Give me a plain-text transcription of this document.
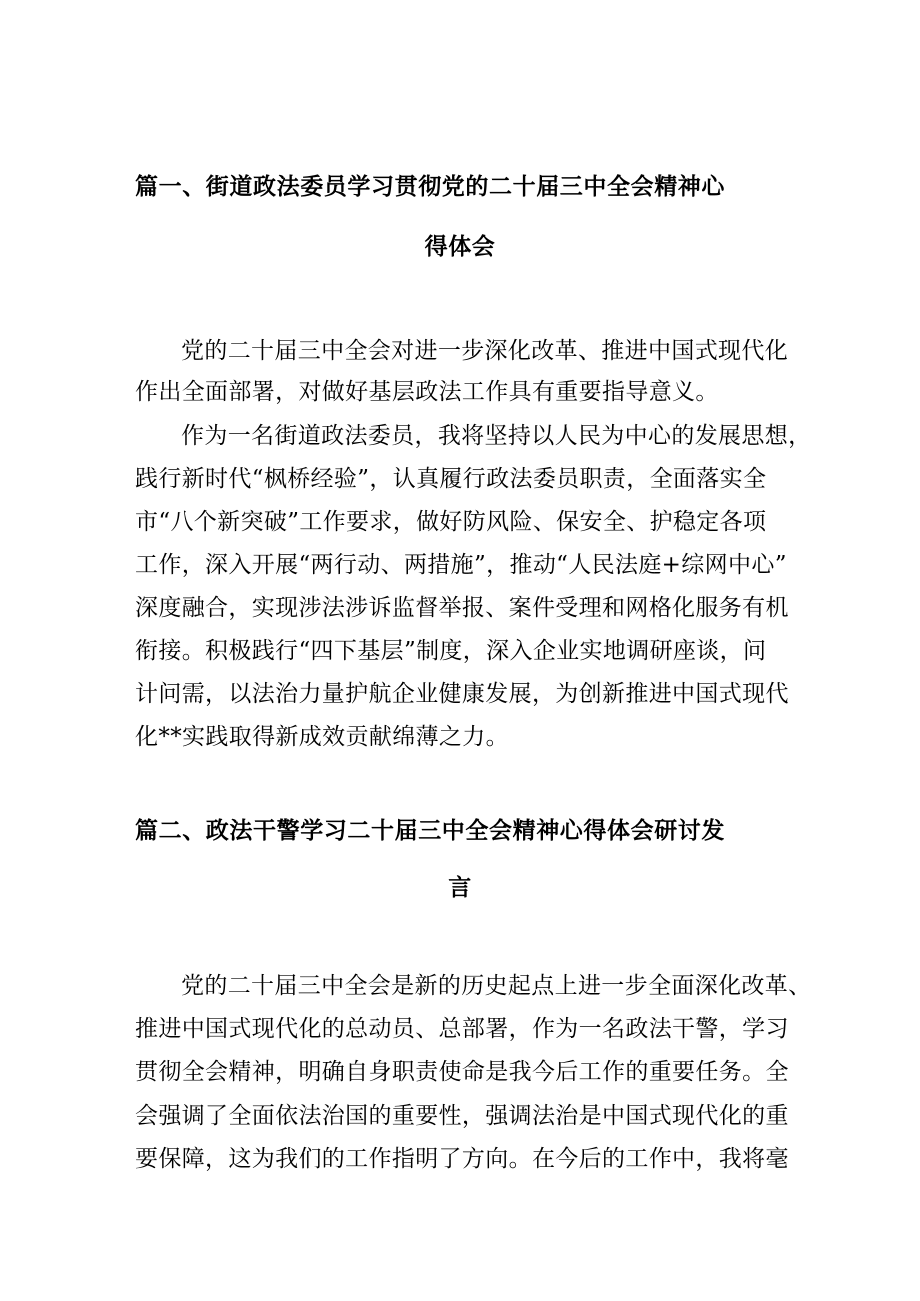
篇一、街道政法委员学习贯彻党的二十届三中全会精神心
得体会
党的二十届三中全会对进一步深化改革、推进中国式现代化
作出全面部署，对做好基层政法工作具有重要指导意义。
作为一名街道政法委员，我将坚持以人民为中心的发展思想，
践行新时代“枫桥经验”，认真履行政法委员职责，全面落实全
市“八个新突破”工作要求，做好防风险、保安全、护稳定各项
工作，深入开展“两行动、两措施”，推动“人民法庭+综网中心”
深度融合，实现涉法涉诉监督举报、案件受理和网格化服务有机
衔接。积极践行“四下基层”制度，深入企业实地调研座谈，问
计问需，以法治力量护航企业健康发展，为创新推进中国式现代
化**实践取得新成效贡献绵薄之力。
篇二、政法干警学习二十届三中全会精神心得体会研讨发
言
党的二十届三中全会是新的历史起点上进一步全面深化改革、
推进中国式现代化的总动员、总部署，作为一名政法干警，学习
贯彻全会精神，明确自身职责使命是我今后工作的重要任务。全
会强调了全面依法治国的重要性，强调法治是中国式现代化的重
要保障，这为我们的工作指明了方向。在今后的工作中，我将毫
